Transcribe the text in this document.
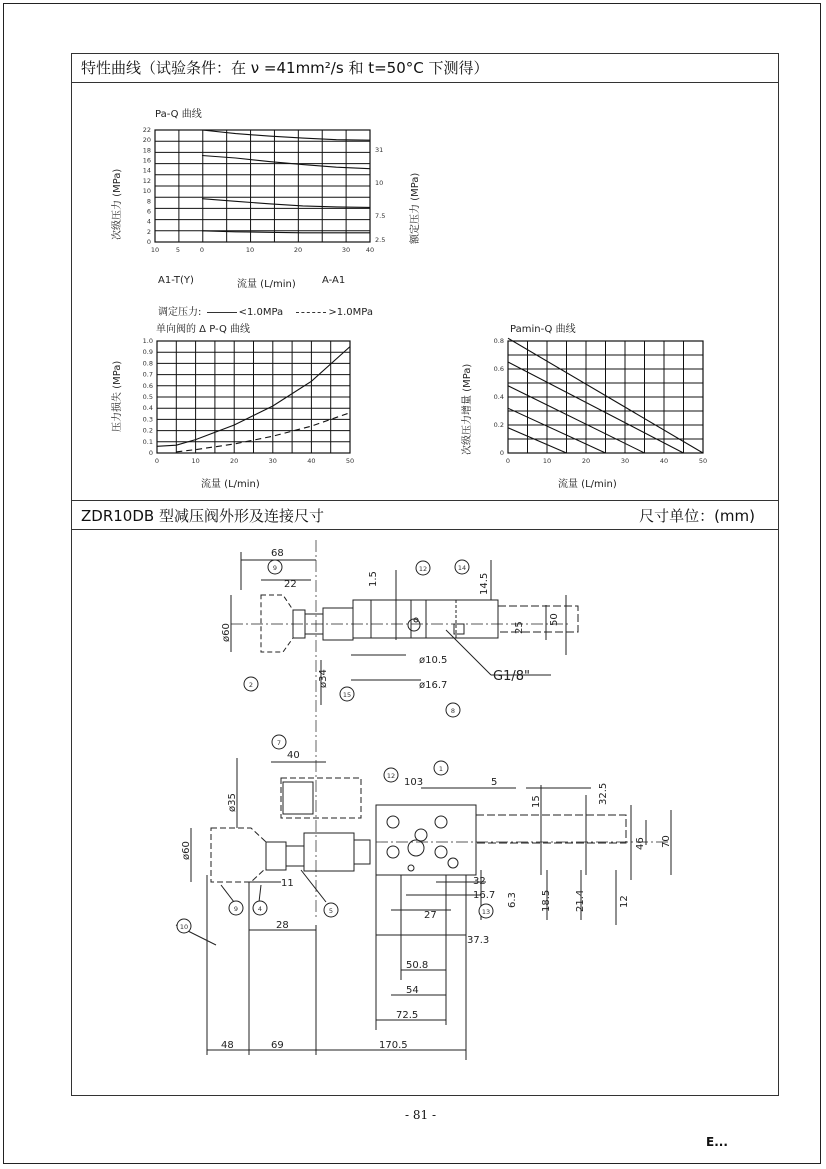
特性曲线（试验条件：在 ν =41mm²/s 和 t=50°C 下测得）
ZDR10DB 型减压阀外形及连接尺寸	尺寸单位：(mm)
Pa-Q 曲线
次级压力 (MPa)	额定压力 (MPa)
A1-T(Y)	流量 (L/min)	A-A1
22
20
18
16
14
12
10
8
6
4
2
0
10	5	0	10	20	30 40
31
10
7.5
2.5
调定压力:	<1.0MPa	>1.0MPa
单向阀的 Δ P-Q 曲线
压力损失 (MPa)
流量 (L/min)
1.0
0.9
0.8
0.7
0.6
0.5
0.4
0.3
0.2
0.1
0
0	10	20	30	40	50
Pamin-Q 曲线
次级压力增量 (MPa)
流量 (L/min)
0.8
0.6
0.4
0.2
0
0	10	20	30	40	50
9	12	14
2
15
8
7
12
1
9	4	5
10
13
68
22	1.5	14.5
50
25
ø60
ø34
ø10.5
ø16.7
G1/8"
40
ø35
ø60
103	5
15	32.5
46 70
32
16.7
27
6.3 18.5 21.4	12
11
28
37.3
50.8
54
72.5
48	69	170.5
- 81 -
E...
